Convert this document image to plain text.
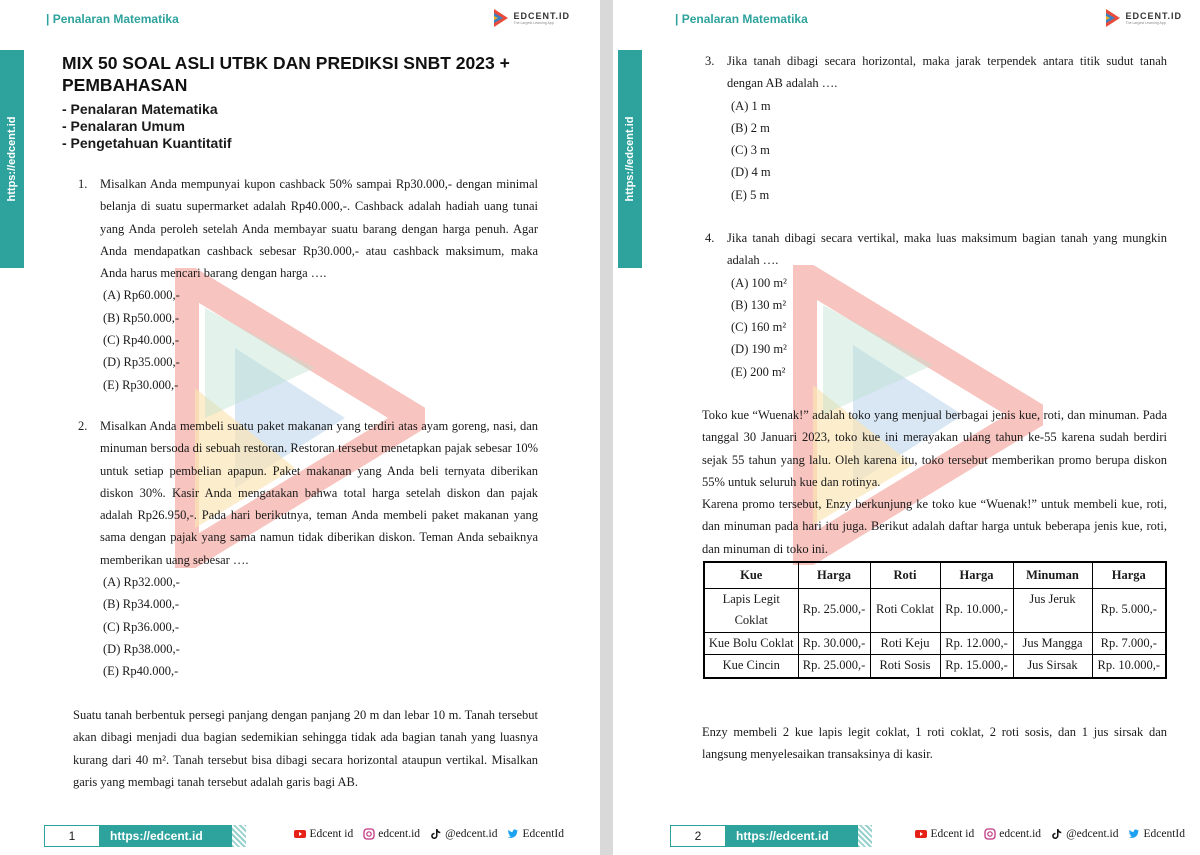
| Penalaran Matematika	EDCENT.ID
The Largest Learning App
https://edcent.id
MIX 50 SOAL ASLI UTBK DAN PREDIKSI SNBT 2023 + PEMBAHASAN
- Penalaran Matematika
- Penalaran Umum
- Pengetahuan Kuantitatif
1. Misalkan Anda mempunyai kupon cashback 50% sampai Rp30.000,- dengan minimal belanja di suatu supermarket adalah Rp40.000,-. Cashback adalah hadiah uang tunai yang Anda peroleh setelah Anda membayar suatu barang dengan harga penuh. Agar Anda mendapatkan cashback sebesar Rp30.000,- atau cashback maksimum, maka Anda harus mencari barang dengan harga ….
(A) Rp60.000,-
(B) Rp50.000,-
(C) Rp40.000,-
(D) Rp35.000,-
(E) Rp30.000,-
2. Misalkan Anda membeli suatu paket makanan yang terdiri atas ayam goreng, nasi, dan minuman bersoda di sebuah restoran. Restoran tersebut menetapkan pajak sebesar 10% untuk setiap pembelian apapun. Paket makanan yang Anda beli ternyata diberikan diskon 30%. Kasir Anda mengatakan bahwa total harga setelah diskon dan pajak adalah Rp26.950,-. Pada hari berikutnya, teman Anda membeli paket makanan yang sama dengan pajak yang sama namun tidak diberikan diskon. Teman Anda sebaiknya memberikan uang sebesar ….
(A) Rp32.000,-
(B) Rp34.000,-
(C) Rp36.000,-
(D) Rp38.000,-
(E) Rp40.000,-
Suatu tanah berbentuk persegi panjang dengan panjang 20 m dan lebar 10 m. Tanah tersebut akan dibagi menjadi dua bagian sedemikian sehingga tidak ada bagian tanah yang luasnya kurang dari 40 m². Tanah tersebut bisa dibagi secara horizontal ataupun vertikal. Misalkan garis yang membagi tanah tersebut adalah garis bagi AB.
1	https://edcent.id	Edcent id edcent.id @edcent.id EdcentId
| Penalaran Matematika	EDCENT.ID
The Largest Learning App
https://edcent.id
3. Jika tanah dibagi secara horizontal, maka jarak terpendek antara titik sudut tanah dengan AB adalah ….
(A) 1 m
(B) 2 m
(C) 3 m
(D) 4 m
(E) 5 m
4. Jika tanah dibagi secara vertikal, maka luas maksimum bagian tanah yang mungkin adalah ….
(A) 100 m²
(B) 130 m²
(C) 160 m²
(D) 190 m²
(E) 200 m²
Toko kue “Wuenak!” adalah toko yang menjual berbagai jenis kue, roti, dan minuman. Pada tanggal 30 Januari 2023, toko kue ini merayakan ulang tahun ke-55 karena sudah berdiri sejak 55 tahun yang lalu. Oleh karena itu, toko tersebut memberikan promo berupa diskon 55% untuk seluruh kue dan rotinya.
Karena promo tersebut, Enzy berkunjung ke toko kue “Wuenak!” untuk membeli kue, roti, dan minuman pada hari itu juga. Berikut adalah daftar harga untuk beberapa jenis kue, roti, dan minuman di toko ini.
Kue	Harga	Roti	Harga	Minuman	Harga
Lapis Legit Coklat	Rp. 25.000,-	Roti Coklat	Rp. 10.000,-	Jus Jeruk	Rp. 5.000,-
Kue Bolu Coklat	Rp. 30.000,-	Roti Keju	Rp. 12.000,-	Jus Mangga	Rp. 7.000,-
Kue Cincin	Rp. 25.000,-	Roti Sosis	Rp. 15.000,-	Jus Sirsak	Rp. 10.000,-
Enzy membeli 2 kue lapis legit coklat, 1 roti coklat, 2 roti sosis, dan 1 jus sirsak dan langsung menyelesaikan transaksinya di kasir.
2	https://edcent.id	Edcent id edcent.id @edcent.id EdcentId
